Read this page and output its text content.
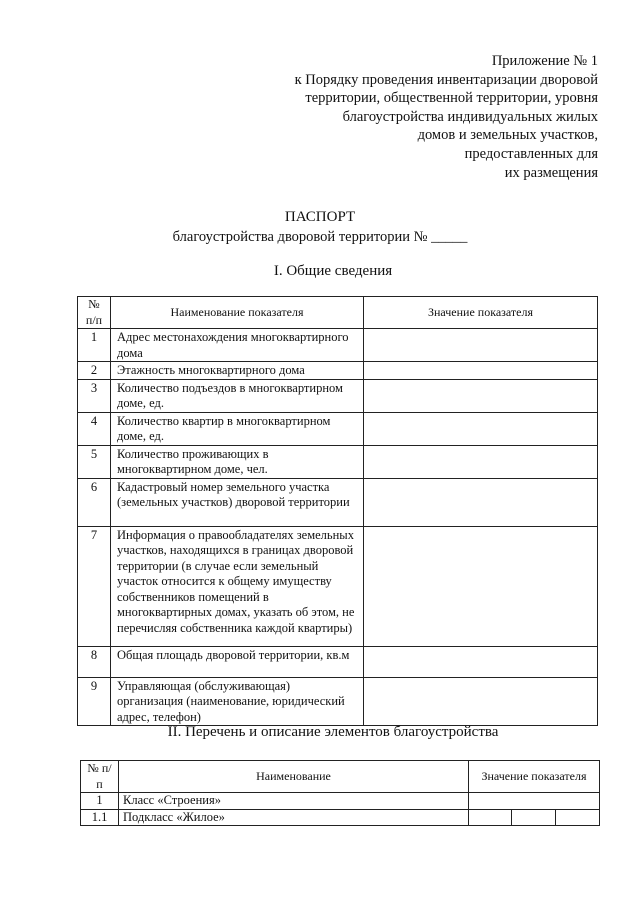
Приложение № 1
к Порядку проведения инвентаризации дворовой
территории, общественной территории, уровня
благоустройства индивидуальных жилых
домов и земельных участков,
предоставленных для
их размещения
ПАСПОРТ
благоустройства дворовой территории № _____
I. Общие сведения
№ п/п	Наименование показателя	Значение показателя
1	Адрес местонахождения многоквартирного дома	
2	Этажность многоквартирного дома	
3	Количество подъездов в многоквартирном доме, ед.	
4	Количество квартир в многоквартирном доме, ед.	
5	Количество проживающих в многоквартирном доме, чел.	
6	Кадастровый номер земельного участка (земельных участков) дворовой территории	
7	Информация о правообладателях земельных участков, находящихся в границах дворовой территории (в случае если земельный участок относится к общему имуществу собственников помещений в многоквартирных домах, указать об этом, не перечисляя собственника каждой квартиры)	
8	Общая площадь дворовой территории, кв.м	
9	Управляющая (обслуживающая) организация (наименование, юридический адрес, телефон)	
II. Перечень и описание элементов благоустройства
№ п/п	Наименование	Значение показателя		
1	Класс «Строения»			
1.1	Подкласс «Жилое»			
